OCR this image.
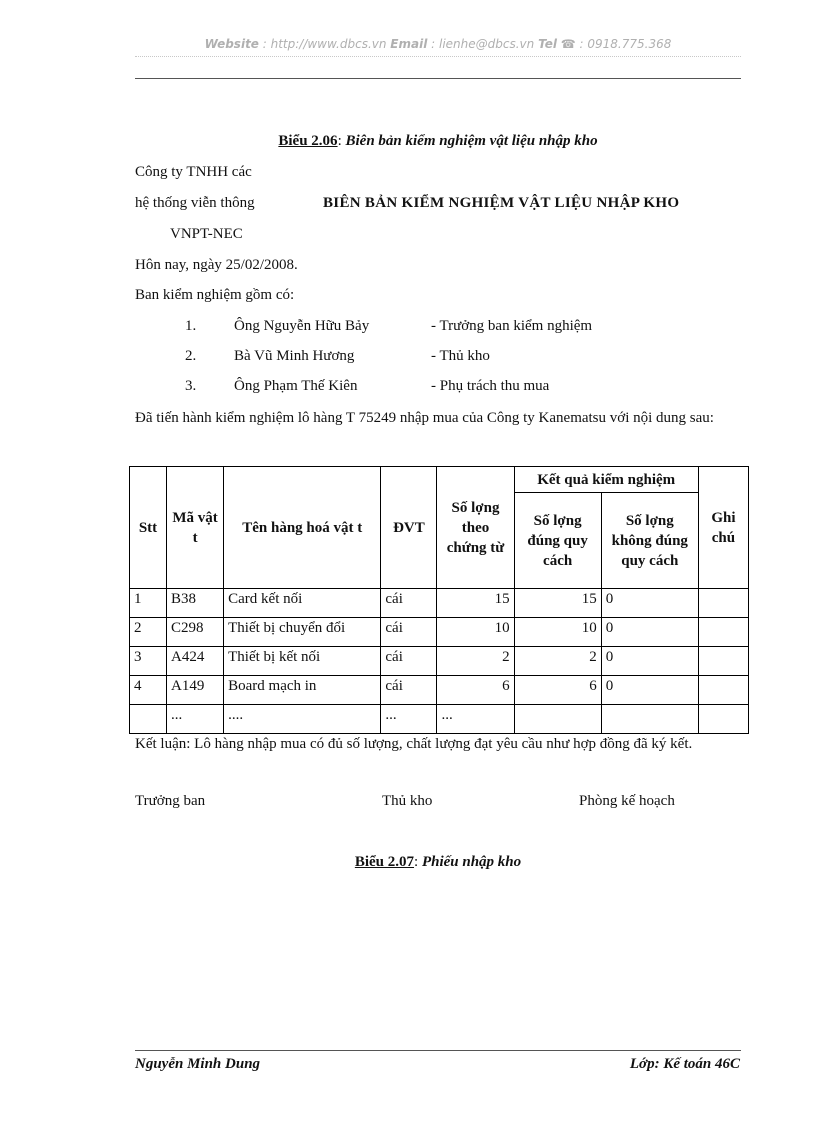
Website : http://www.dbcs.vn Email : lienhe@dbcs.vn Tel ☎ : 0918.775.368
Biểu 2.06: Biên bản kiểm nghiệm vật liệu nhập kho
Công ty TNHH các
hệ thống viễn thông	BIÊN BẢN KIỂM NGHIỆM VẬT LIỆU NHẬP KHO
VNPT-NEC
Hôn nay, ngày 25/02/2008.
Ban kiểm nghiệm gồm có:
1.	Ông Nguyễn Hữu Bảy	- Trưởng ban kiểm nghiệm
2.	Bà Vũ Minh Hương	- Thủ kho
3.	Ông Phạm Thế Kiên	- Phụ trách thu mua
Đã tiến hành kiểm nghiệm lô hàng T 75249 nhập mua của Công ty Kanematsu với nội dung sau:
Stt	Mã vật t	Tên hàng hoá vật t	ĐVT	Số lợng theo chứng từ	Kết quả kiểm nghiệm		Ghi chú
					Số lợng đúng quy cách	Số lợng không đúng quy cách	
1	B38	Card kết nối	cái	15	15	0	
2	C298	Thiết bị chuyển đổi	cái	10	10	0	
3	A424	Thiết bị kết nối	cái	2	2	0	
4	A149	Board mạch in	cái	6	6	0	
	...	....	...	...			
Kết luận: Lô hàng nhập mua có đủ số lượng, chất lượng đạt yêu cầu như hợp đồng đã ký kết.
Trưởng ban	Thủ kho	Phòng kế hoạch
Biểu 2.07: Phiếu nhập kho
Nguyễn Minh Dung	Lớp: Kế toán 46C
